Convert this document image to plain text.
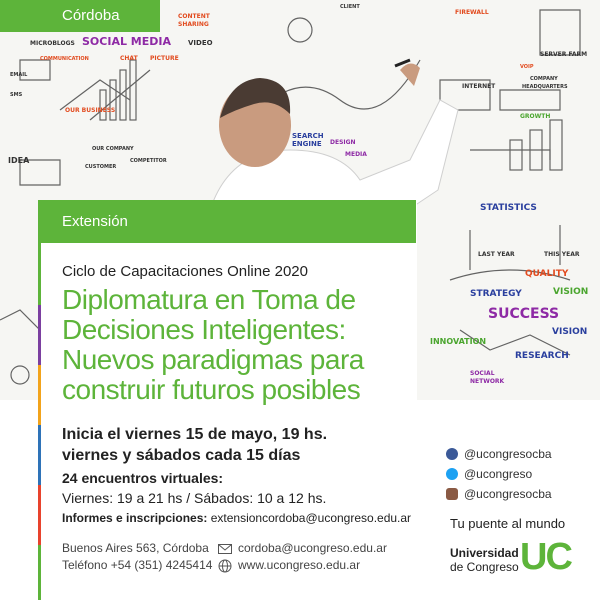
SOCIAL MEDIA
MICROBLOGS	VIDEO
COMMUNICATION	CHAT PICTURE
CONTENT
SHARING
CLIENT
FIREWALL
SERVER FARM
INTERNET
COMPANY
HEADQUARTERS
GROWTH
STATISTICS
LAST YEAR	THIS YEAR
QUALITY
STRATEGY	VISION
SUCCESS
VISION
INNOVATION
RESEARCH
SOCIAL
NETWORK
IDEA
OUR BUSINESS
OUR COMPANY
COMPETITOR
CUSTOMER
EMAIL
SMS
SEARCH
ENGINE DESIGN
MEDIA
VOIP
Córdoba
Extensión
Ciclo de Capacitaciones Online 2020
Diplomatura en Toma de
Decisiones Inteligentes:
Nuevos paradigmas para
construir futuros posibles
Inicia el viernes 15 de mayo, 19 hs.
viernes y sábados cada 15 días
24 encuentros virtuales:
Viernes: 19 a 21 hs / Sábados: 10 a 12 hs.
Informes e inscripciones: extensioncordoba@ucongreso.edu.ar
Buenos Aires 563, Córdoba
Teléfono +54 (351) 4245414
cordoba@ucongreso.edu.ar
www.ucongreso.edu.ar
@ucongresocba
@ucongreso
@ucongresocba
Tu puente al mundo
Universidad
de Congreso UC
